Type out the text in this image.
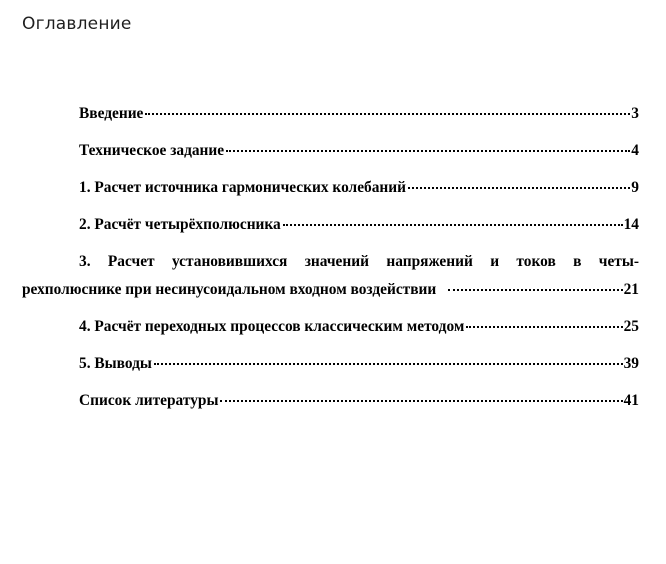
Оглавление
Введение	3
Техническое задание	4
1. Расчет источника гармонических колебаний	9
2. Расчёт четырёхполюсника	14
3. Расчет установившихся значений напряжений и токов в четы-
рехполюснике при несинусоидальном входном воздействии	21
4. Расчёт переходных процессов классическим методом	25
5. Выводы	39
Список литературы	41
